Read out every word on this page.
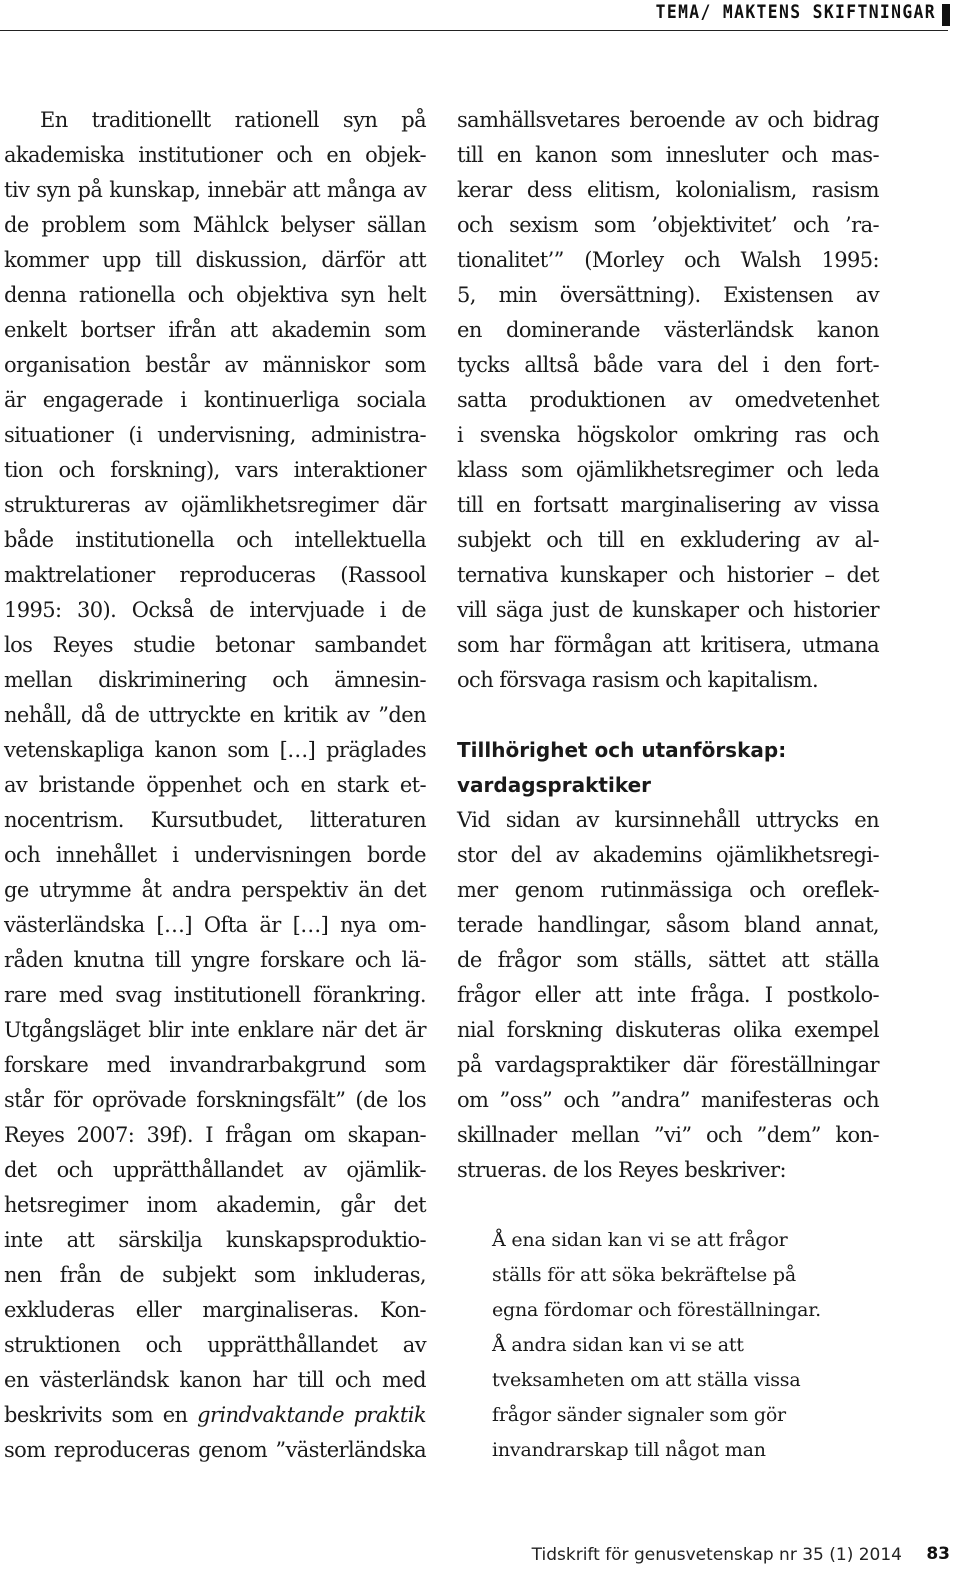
TEMA/ MAKTENS SKIFTNINGAR
En traditionellt rationell syn på
akademiska institutioner och en objek-
tiv syn på kunskap, innebär att många av
de problem som Mählck belyser sällan
kommer upp till diskussion, därför att
denna rationella och objektiva syn helt
enkelt bortser ifrån att akademin som
organisation består av människor som
är engagerade i kontinuerliga sociala
situationer (i undervisning, administra-
tion och forskning), vars interaktioner
struktureras av ojämlikhetsregimer där
både institutionella och intellektuella
maktrelationer reproduceras (Rassool
1995: 30). Också de intervjuade i de
los Reyes studie betonar sambandet
mellan diskriminering och ämnesin-
nehåll, då de uttryckte en kritik av ”den
vetenskapliga kanon som […] präglades
av bristande öppenhet och en stark et-
nocentrism. Kursutbudet, litteraturen
och innehållet i undervisningen borde
ge utrymme åt andra perspektiv än det
västerländska […] Ofta är […] nya om-
råden knutna till yngre forskare och lä-
rare med svag institutionell förankring.
Utgångsläget blir inte enklare när det är
forskare med invandrarbakgrund som
står för oprövade forskningsfält” (de los
Reyes 2007: 39f). I frågan om skapan-
det och upprätthållandet av ojämlik-
hetsregimer inom akademin, går det
inte att särskilja kunskapsproduktio-
nen från de subjekt som inkluderas,
exkluderas eller marginaliseras. Kon-
struktionen och upprätthållandet av
en västerländsk kanon har till och med
beskrivits som en grindvaktande praktik
som reproduceras genom ”västerländska
samhällsvetares beroende av och bidrag
till en kanon som innesluter och mas-
kerar dess elitism, kolonialism, rasism
och sexism som ’objektivitet’ och ’ra-
tionalitet’” (Morley och Walsh 1995:
5, min översättning). Existensen av
en dominerande västerländsk kanon
tycks alltså både vara del i den fort-
satta produktionen av omedvetenhet
i svenska högskolor omkring ras och
klass som ojämlikhetsregimer och leda
till en fortsatt marginalisering av vissa
subjekt och till en exkludering av al-
ternativa kunskaper och historier – det
vill säga just de kunskaper och historier
som har förmågan att kritisera, utmana
och försvaga rasism och kapitalism.
Tillhörighet och utanförskap:
vardagspraktiker
Vid sidan av kursinnehåll uttrycks en
stor del av akademins ojämlikhetsregi-
mer genom rutinmässiga och oreflek-
terade handlingar, såsom bland annat,
de frågor som ställs, sättet att ställa
frågor eller att inte fråga. I postkolo-
nial forskning diskuteras olika exempel
på vardagspraktiker där föreställningar
om ”oss” och ”andra” manifesteras och
skillnader mellan ”vi” och ”dem” kon-
strueras. de los Reyes beskriver:
Å ena sidan kan vi se att frågor
ställs för att söka bekräftelse på
egna fördomar och föreställningar.
Å andra sidan kan vi se att
tveksamheten om att ställa vissa
frågor sänder signaler som gör
invandrarskap till något man
Tidskrift för genusvetenskap nr 35 (1) 2014 83
